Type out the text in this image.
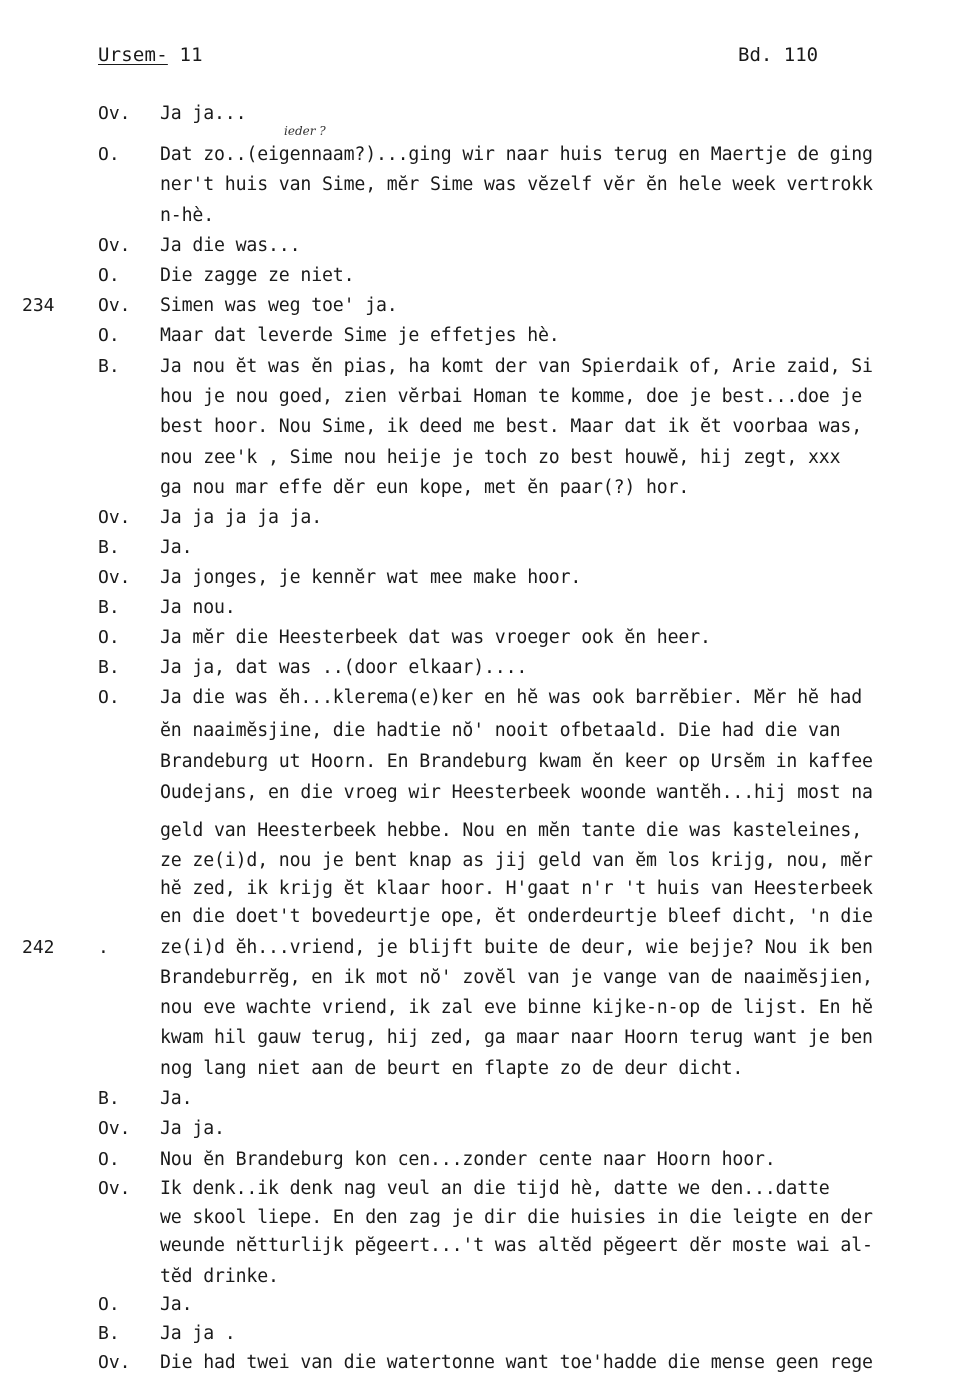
Ursem- 11	Bd. 110
ieder ?
Ov.	Ja ja...
O.	Dat zo..(eigennaam?)...ging wir naar huis terug en Maertje de ging
ner't huis van Sime, mĕr Sime was vĕzelf vĕr ĕn hele week vertrokk
n-hè.
Ov.	Ja die was...
O.	Die zagge ze niet.
234	Ov.	Simen was weg toe' ja.
O.	Maar dat leverde Sime je effetjes hè.
B.	Ja nou ĕt was ĕn pias, ha komt der van Spierdaik of, Arie zaid, Si
hou je nou goed, zien vĕrbai Homan te komme, doe je best...doe je
best hoor. Nou Sime, ik deed me best. Maar dat ik ĕt voorbaa was,
nou zee'k , Sime nou heije je toch zo best houwĕ, hij zegt, xxx
ga nou mar effe dĕr eun kope, met ĕn paar(?) hor.
Ov.	Ja ja ja ja ja.
B.	Ja.
Ov.	Ja jonges, je kennĕr wat mee make hoor.
B.	Ja nou.
O.	Ja mĕr die Heesterbeek dat was vroeger ook ĕn heer.
B.	Ja ja, dat was ..(door elkaar)....
O.	Ja die was ĕh...klerema(e)ker en hĕ was ook barrĕbier. Mĕr hĕ had
ĕn naaimĕsjine, die hadtie nŏ' nooit ofbetaald. Die had die van
Brandeburg ut Hoorn. En Brandeburg kwam ĕn keer op Ursĕm in kaffee
Oudejans, en die vroeg wir Heesterbeek woonde wantĕh...hij most na
geld van Heesterbeek hebbe. Nou en mĕn tante die was kasteleines,
ze ze(i)d, nou je bent knap as jij geld van ĕm los krijg, nou, mĕr
hĕ zed, ik krijg ĕt klaar hoor. H'gaat n'r 't huis van Heesterbeek
en die doet't bovedeurtje ope, ĕt onderdeurtje bleef dicht, 'n die
242	.	ze(i)d ĕh...vriend, je blijft buite de deur, wie bejje? Nou ik ben
Brandeburrĕg, en ik mot nŏ' zovĕl van je vange van de naaimĕsjien,
nou eve wachte vriend, ik zal eve binne kijke-n-op de lijst. En hĕ
kwam hil gauw terug, hij zed, ga maar naar Hoorn terug want je ben
nog lang niet aan de beurt en flapte zo de deur dicht.
B.	Ja.
Ov.	Ja ja.
O.	Nou ĕn Brandeburg kon cen...zonder cente naar Hoorn hoor.
Ov.	Ik denk..ik denk nag veul an die tijd hè, datte we den...datte
we skool liepe. En den zag je dir die huisies in die leigte en der
weunde nĕtturlijk pĕgeert...'t was altĕd pĕgeert dĕr moste wai al-
tĕd drinke.
O.	Ja.
B.	Ja ja .
Ov.	Die had twei van die watertonne want toe'hadde die mense geen rege
